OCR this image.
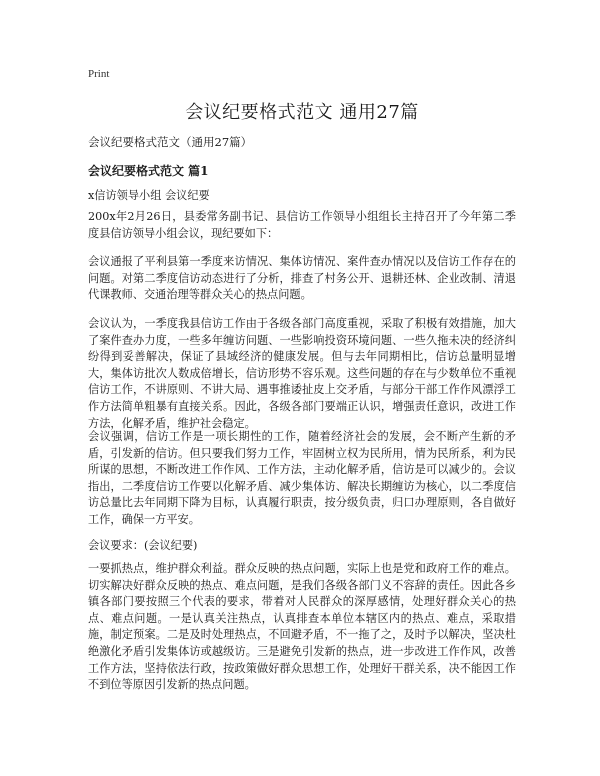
Print
会议纪要格式范文 通用27篇
会议纪要格式范文（通用27篇）
会议纪要格式范文 篇1

x信访领导小组 会议纪要

200x年2月26日，县委常务副书记、县信访工作领导小组组长主持召开了今年第二季度县信访领导小组会议，现纪要如下：

会议通报了平利县第一季度来访情况、集体访情况、案件查办情况以及信访工作存在的问题。对第二季度信访动态进行了分析，排查了村务公开、退耕还林、企业改制、清退代课教师、交通治理等群众关心的热点问题。

会议认为，一季度我县信访工作由于各级各部门高度重视，采取了积极有效措施，加大了案件查办力度，一些多年缠访问题、一些影响投资环境问题、一些久拖未决的经济纠纷得到妥善解决，保证了县域经济的健康发展。但与去年同期相比，信访总量明显增大，集体访批次人数成倍增长，信访形势不容乐观。这些问题的存在与少数单位不重视信访工作，不讲原则、不讲大局、遇事推诿扯皮上交矛盾，与部分干部工作作风漂浮工作方法简单粗暴有直接关系。因此，各级各部门要端正认识，增强责任意识，改进工作方法，化解矛盾，维护社会稳定。

会议强调，信访工作是一项长期性的工作，随着经济社会的发展，会不断产生新的矛盾，引发新的信访。但只要我们努力工作，牢固树立权为民所用，情为民所系，利为民所谋的思想，不断改进工作作风、工作方法，主动化解矛盾，信访是可以减少的。会议指出，二季度信访工作要以化解矛盾、减少集体访、解决长期缠访为核心，以二季度信访总量比去年同期下降为目标，认真履行职责，按分级负责，归口办理原则，各自做好工作，确保一方平安。

会议要求：(会议纪要)

一要抓热点，维护群众利益。群众反映的热点问题，实际上也是党和政府工作的难点。切实解决好群众反映的热点、难点问题，是我们各级各部门义不容辞的责任。因此各乡镇各部门要按照三个代表的要求，带着对人民群众的深厚感情，处理好群众关心的热点、难点问题。一是认真关注热点，认真排查本单位本辖区内的热点、难点，采取措施，制定预案。二是及时处理热点，不回避矛盾，不一拖了之，及时予以解决，坚决杜绝激化矛盾引发集体访或越级访。三是避免引发新的热点，进一步改进工作作风，改善工作方法，坚持依法行政，按政策做好群众思想工作，处理好干群关系，决不能因工作不到位等原因引发新的热点问题。
